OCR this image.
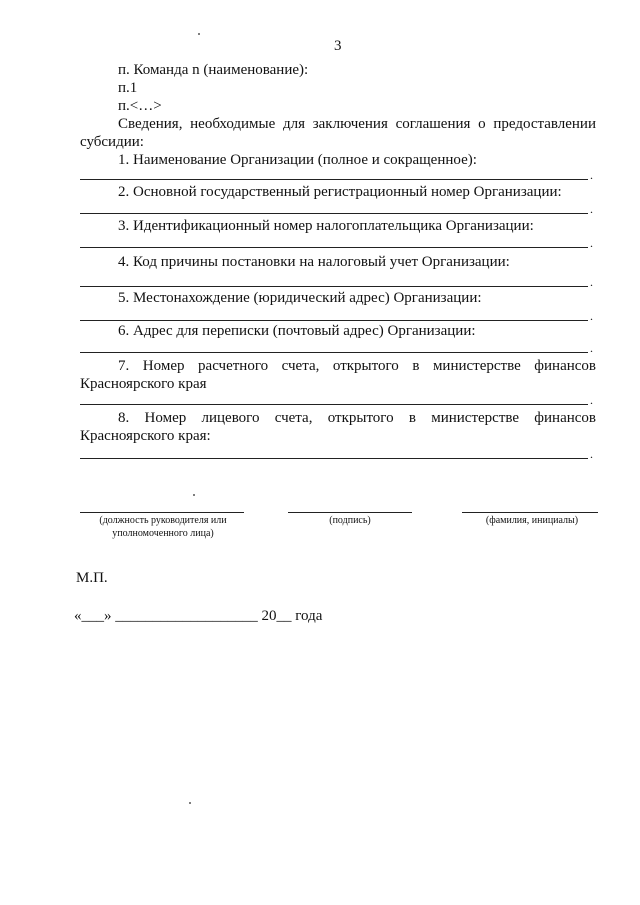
3
п. Команда n (наименование):
п.1
п.<…>
Сведения, необходимые для заключения соглашения о предоставлении
субсидии:
1. Наименование Организации (полное и сокращенное):
.
2. Основной государственный регистрационный номер Организации:
.
3. Идентификационный номер налогоплательщика Организации:
.
4. Код причины постановки на налоговый учет Организации:
.
5. Местонахождение (юридический адрес) Организации:
.
6. Адрес для переписки (почтовый адрес) Организации:
.
7. Номер расчетного счета, открытого в министерстве финансов
Красноярского края
.
8. Номер лицевого счета, открытого в министерстве финансов
Красноярского края:
.
(должность руководителя или
уполномоченного лица)
(подпись)	(фамилия, инициалы)
М.П.
«___» ___________________ 20__ года
